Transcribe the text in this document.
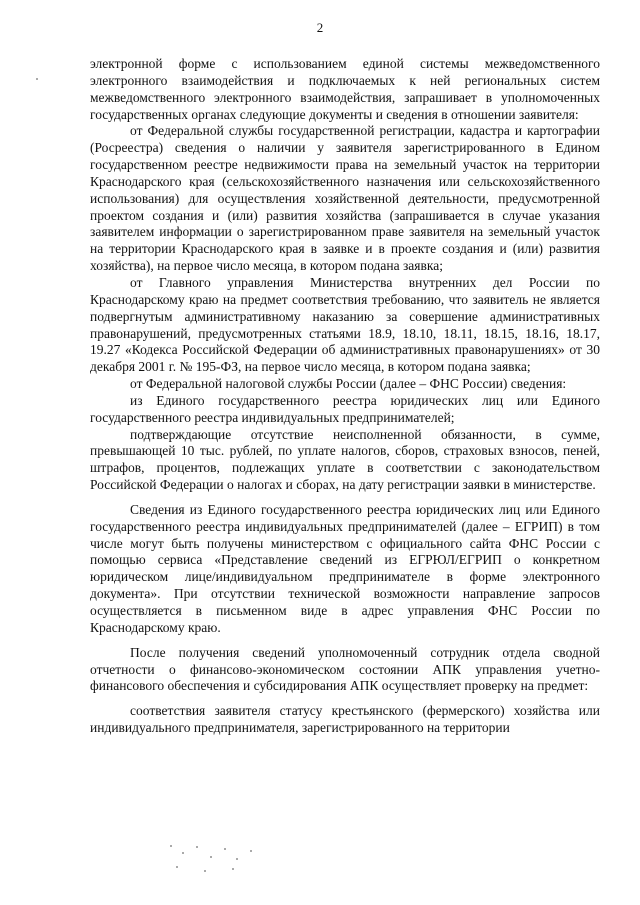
2

электронной форме с использованием единой системы межведомственного электронного взаимодействия и подключаемых к ней региональных систем межведомственного электронного взаимодействия, запрашивает в уполномоченных государственных органах следующие документы и сведения в отношении заявителя:

от Федеральной службы государственной регистрации, кадастра и картографии (Росреестра) сведения о наличии у заявителя зарегистрированного в Едином государственном реестре недвижимости права на земельный участок на территории Краснодарского края (сельскохозяйственного назначения или сельскохозяйственного использования) для осуществления хозяйственной деятельности, предусмотренной проектом создания и (или) развития хозяйства (запрашивается в случае указания заявителем информации о зарегистрированном праве заявителя на земельный участок на территории Краснодарского края в заявке и в проекте создания и (или) развития хозяйства), на первое число месяца, в котором подана заявка;

от Главного управления Министерства внутренних дел России по Краснодарскому краю на предмет соответствия требованию, что заявитель не является подвергнутым административному наказанию за совершение административных правонарушений, предусмотренных статьями 18.9, 18.10, 18.11, 18.15, 18.16, 18.17, 19.27 «Кодекса Российской Федерации об административных правонарушениях» от 30 декабря 2001 г. № 195-ФЗ, на первое число месяца, в котором подана заявка;

от Федеральной налоговой службы России (далее – ФНС России) сведения:

из Единого государственного реестра юридических лиц или Единого государственного реестра индивидуальных предпринимателей;

подтверждающие отсутствие неисполненной обязанности, в сумме, превышающей 10 тыс. рублей, по уплате налогов, сборов, страховых взносов, пеней, штрафов, процентов, подлежащих уплате в соответствии с законодательством Российской Федерации о налогах и сборах, на дату регистрации заявки в министерстве.

Сведения из Единого государственного реестра юридических лиц или Единого государственного реестра индивидуальных предпринимателей (далее – ЕГРИП) в том числе могут быть получены министерством с официального сайта ФНС России с помощью сервиса «Представление сведений из ЕГРЮЛ/ЕГРИП о конкретном юридическом лице/индивидуальном предпринимателе в форме электронного документа». При отсутствии технической возможности направление запросов осуществляется в письменном виде в адрес управления ФНС России по Краснодарскому краю.

После получения сведений уполномоченный сотрудник отдела сводной отчетности о финансово-экономическом состоянии АПК управления учетно-финансового обеспечения и субсидирования АПК осуществляет проверку на предмет:

соответствия заявителя статусу крестьянского (фермерского) хозяйства или индивидуального предпринимателя, зарегистрированного на территории
